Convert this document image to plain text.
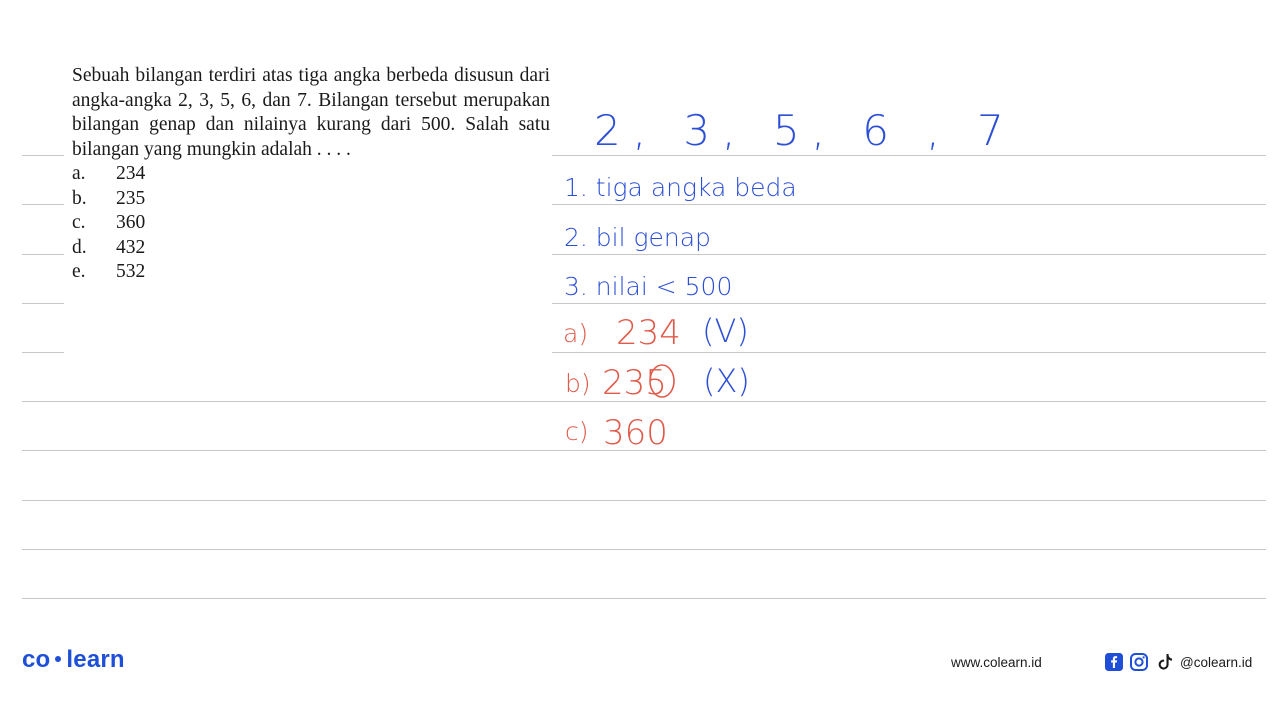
Sebuah bilangan terdiri atas tiga angka berbeda disusun dari angka-angka 2, 3, 5, 6, dan 7. Bilangan tersebut merupakan bilangan genap dan nilainya kurang dari 500. Salah satu bilangan yang mungkin adalah . . . .

a.	234
b.	235
c.	360
d.	432
e.	532
2, 3, 5, 6 , 7
1. tiga angka beda
2. bil genap
3. nilai < 500
(V)
(X)
a) 234
b) 235
c) 360
co learn	www.colearn.id	@colearn.id
